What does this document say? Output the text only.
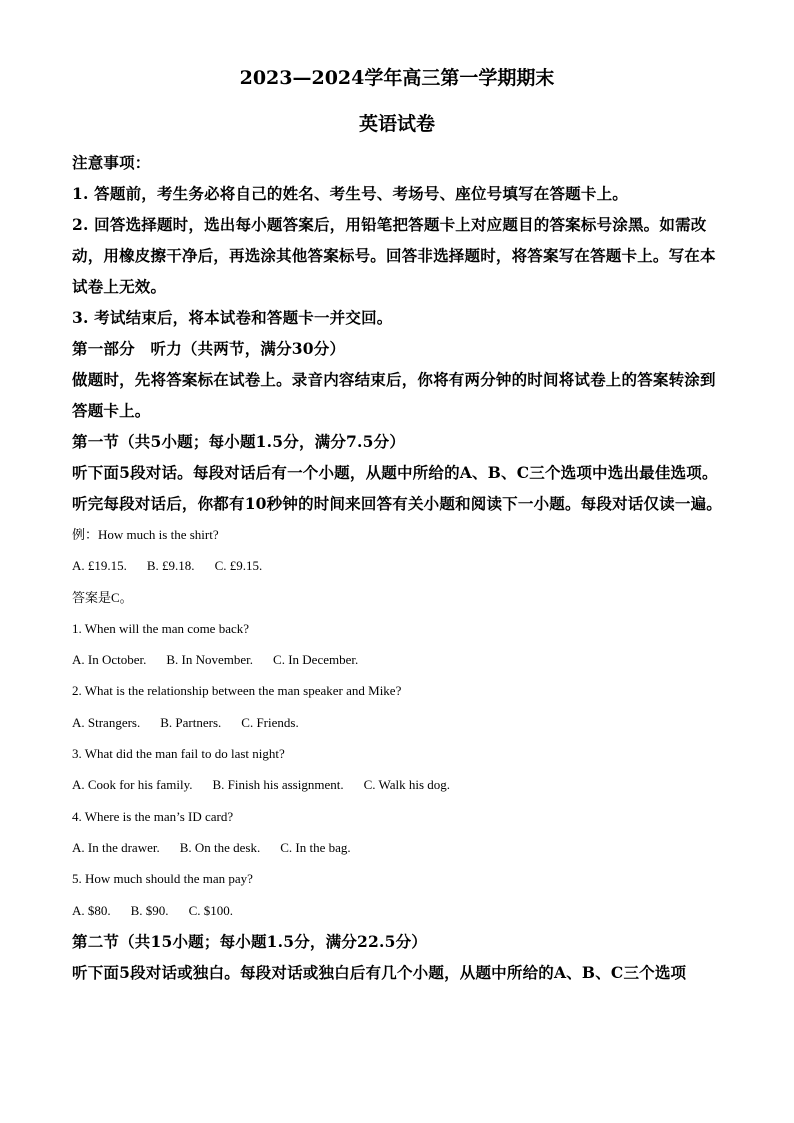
2023—2024学年高三第一学期期末
英语试卷

注意事项：

1. 答题前，考生务必将自己的姓名、考生号、考场号、座位号填写在答题卡上。

2. 回答选择题时，选出每小题答案后，用铅笔把答题卡上对应题目的答案标号涂黑。如需改动，用橡皮擦干净后，再选涂其他答案标号。回答非选择题时，将答案写在答题卡上。写在本试卷上无效。

3. 考试结束后，将本试卷和答题卡一并交回。

第一部分　听力（共两节，满分30分）

做题时，先将答案标在试卷上。录音内容结束后，你将有两分钟的时间将试卷上的答案转涂到答题卡上。

第一节（共5小题；每小题1.5分，满分7.5分）

听下面5段对话。每段对话后有一个小题，从题中所给的A、B、C三个选项中选出最佳选项。听完每段对话后，你都有10秒钟的时间来回答有关小题和阅读下一小题。每段对话仅读一遍。

例：How much is the shirt?

A. £19.15. B. £9.18. C. £9.15.

答案是C。

1. When will the man come back?

A. In October. B. In November. C. In December.

2. What is the relationship between the man speaker and Mike?

A. Strangers. B. Partners. C. Friends.

3. What did the man fail to do last night?

A. Cook for his family. B. Finish his assignment. C. Walk his dog.

4. Where is the man’s ID card?

A. In the drawer. B. On the desk. C. In the bag.

5. How much should the man pay?

A. $80. B. $90. C. $100.

第二节（共15小题；每小题1.5分，满分22.5分）

听下面5段对话或独白。每段对话或独白后有几个小题，从题中所给的A、B、C三个选项
